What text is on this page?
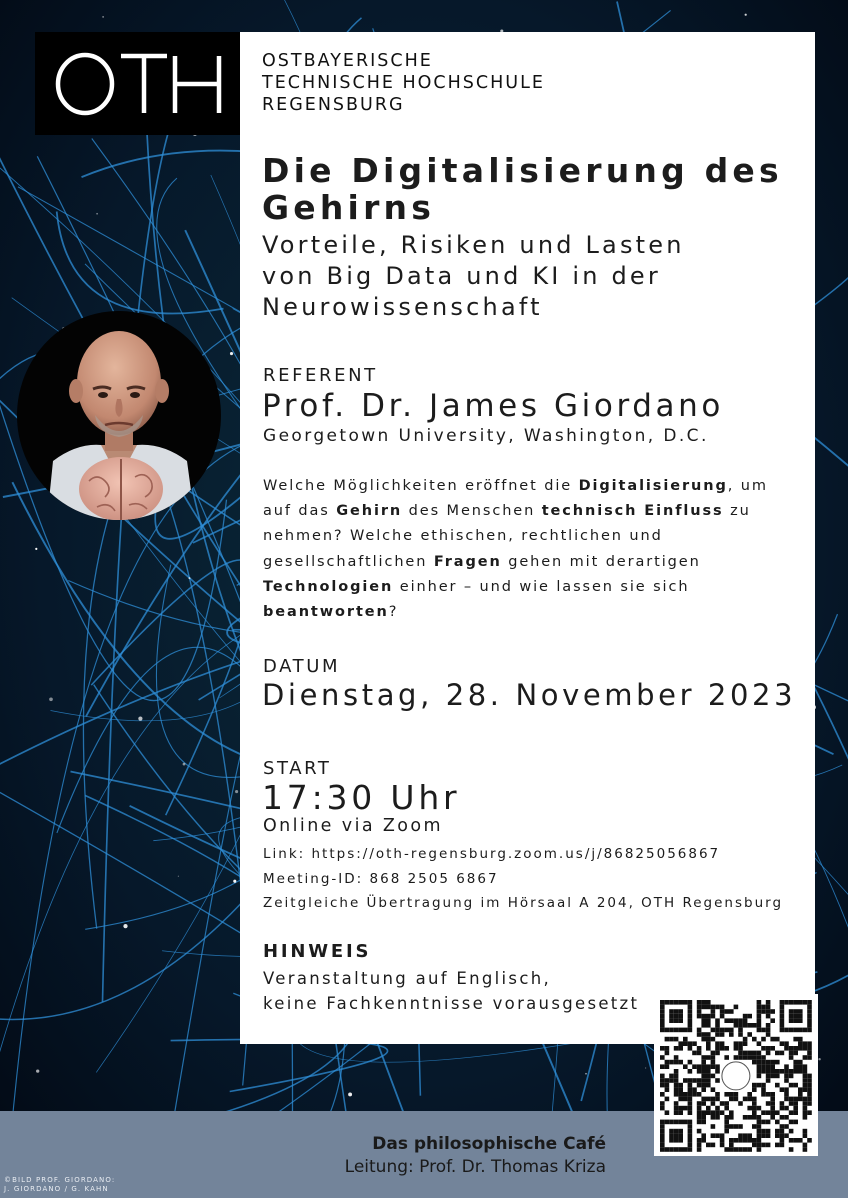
OSTBAYERISCHE
TECHNISCHE HOCHSCHULE
REGENSBURG
Die Digitalisierung des Gehirns

Vorteile, Risiken und Lasten von Big Data und KI in der Neurowissenschaft

REFERENT
Prof. Dr. James Giordano
Georgetown University, Washington, D.C.

Welche Möglichkeiten eröffnet die Digitalisierung, um auf das Gehirn des Menschen technisch Einfluss zu nehmen? Welche ethischen, rechtlichen und gesellschaftlichen Fragen gehen mit derartigen Technologien einher – und wie lassen sie sich beantworten?

DATUM
Dienstag, 28. November 2023
START
17:30 Uhr
Online via Zoom
Link: https://oth-regensburg.zoom.us/j/86825056867
Meeting-ID: 868 2505 6867
Zeitgleiche Übertragung im Hörsaal A 204, OTH Regensburg
HINWEIS
Veranstaltung auf Englisch,
keine Fachkenntnisse vorausgesetzt
Das philosophische Café
Leitung: Prof. Dr. Thomas Kriza
©BILD PROF. GIORDANO:
J. GIORDANO / G. KAHN
